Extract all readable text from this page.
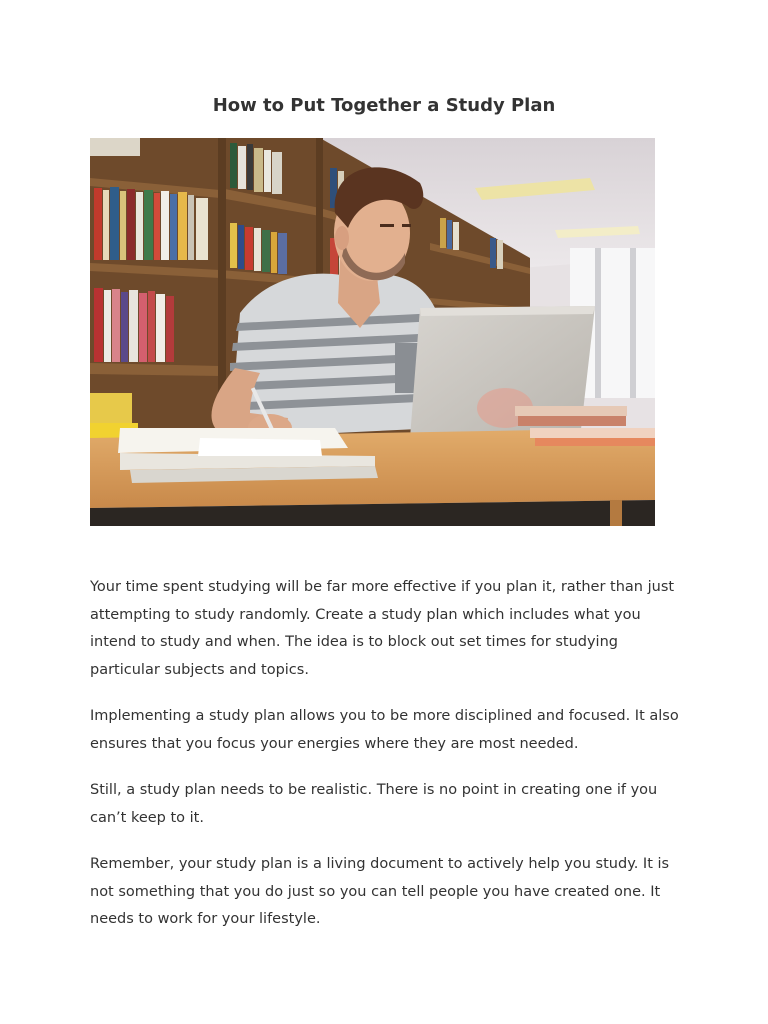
How to Put Together a Study Plan

Your time spent studying will be far more effective if you plan it, rather than just attempting to study randomly. Create a study plan which includes what you intend to study and when. The idea is to block out set times for studying particular subjects and topics.

Implementing a study plan allows you to be more disciplined and focused. It also ensures that you focus your energies where they are most needed.

Still, a study plan needs to be realistic. There is no point in creating one if you can’t keep to it.

Remember, your study plan is a living document to actively help you study. It is not something that you do just so you can tell people you have created one. It needs to work for your lifestyle.
